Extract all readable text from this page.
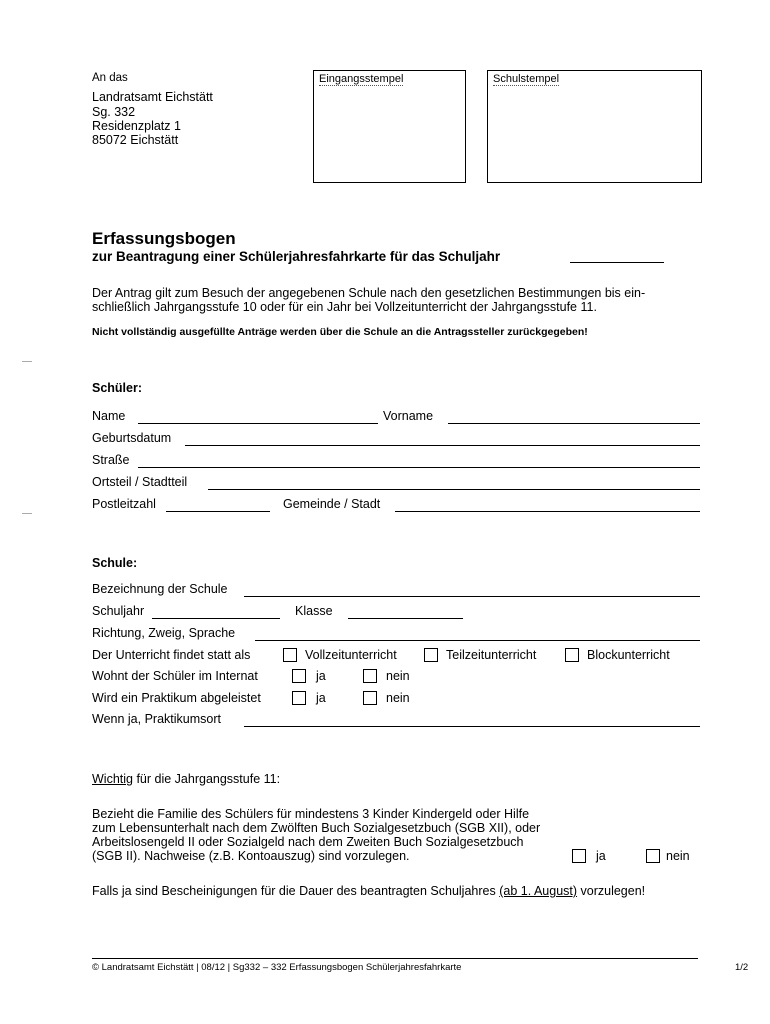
An das
Landratsamt Eichstätt
Sg. 332
Residenzplatz 1
85072 Eichstätt
Eingangsstempel	Schulstempel
Erfassungsbogen
zur Beantragung einer Schülerjahresfahrkarte für das Schuljahr
Der Antrag gilt zum Besuch der angegebenen Schule nach den gesetzlichen Bestimmungen bis ein-
schließlich Jahrgangsstufe 10 oder für ein Jahr bei Vollzeitunterricht der Jahrgangsstufe 11.
Nicht vollständig ausgefüllte Anträge werden über die Schule an die Antragssteller zurückgegeben!
Schüler:
Name	Vorname
Geburtsdatum
Straße
Ortsteil / Stadtteil
Postleitzahl	Gemeinde / Stadt
Schule:
Bezeichnung der Schule
Schuljahr	Klasse
Richtung, Zweig, Sprache
Der Unterricht findet statt als	Vollzeitunterricht	Teilzeitunterricht	Blockunterricht
Wohnt der Schüler im Internat	ja	nein
Wird ein Praktikum abgeleistet	ja	nein
Wenn ja, Praktikumsort
Wichtig für die Jahrgangsstufe 11:
Bezieht die Familie des Schülers für mindestens 3 Kinder Kindergeld oder Hilfe
zum Lebensunterhalt nach dem Zwölften Buch Sozialgesetzbuch (SGB XII), oder
Arbeitslosengeld II oder Sozialgeld nach dem Zweiten Buch Sozialgesetzbuch
(SGB II). Nachweise (z.B. Kontoauszug) sind vorzulegen.	ja	nein
Falls ja sind Bescheinigungen für die Dauer des beantragten Schuljahres (ab 1. August) vorzulegen!
© Landratsamt Eichstätt | 08/12 | Sg332 – 332 Erfassungsbogen Schülerjahresfahrkarte	1/2
